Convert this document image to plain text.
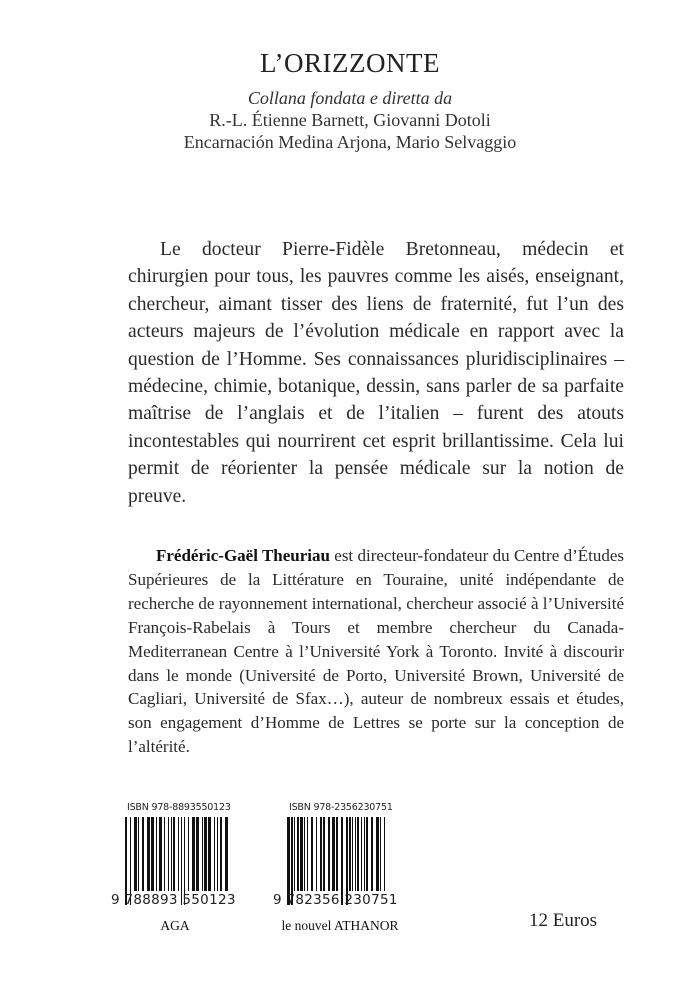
L’ORIZZONTE
Collana fondata e diretta da
R.-L. Étienne Barnett, Giovanni Dotoli
Encarnación Medina Arjona, Mario Selvaggio

Le docteur Pierre-Fidèle Bretonneau, médecin et chirurgien pour tous, les pauvres comme les aisés, enseignant, chercheur, aimant tisser des liens de fraternité, fut l’un des acteurs majeurs de l’évolution médicale en rapport avec la question de l’Homme. Ses connaissances pluridisciplinaires – médecine, chimie, botanique, dessin, sans parler de sa parfaite maîtrise de l’anglais et de l’italien – furent des atouts incontestables qui nourrirent cet esprit brillantissime. Cela lui permit de réorienter la pensée médicale sur la notion de preuve.

Frédéric-Gaël Theuriau est directeur-fondateur du Centre d’Études Supérieures de la Littérature en Touraine, unité indépendante de recherche de rayonnement international, chercheur associé à l’Université François-Rabelais à Tours et membre chercheur du Canada-Mediterranean Centre à l’Université York à Toronto. Invité à discourir dans le monde (Université de Porto, Université Brown, Université de Cagliari, Université de Sfax…), auteur de nombreux essais et études, son engagement d’Homme de Lettres se porte sur la conception de l’altérité.

ISBN 978-8893550123
9 788893 550123
AGA
ISBN 978-2356230751
9 782356 230751
le nouvel ATHANOR	12 Euros
